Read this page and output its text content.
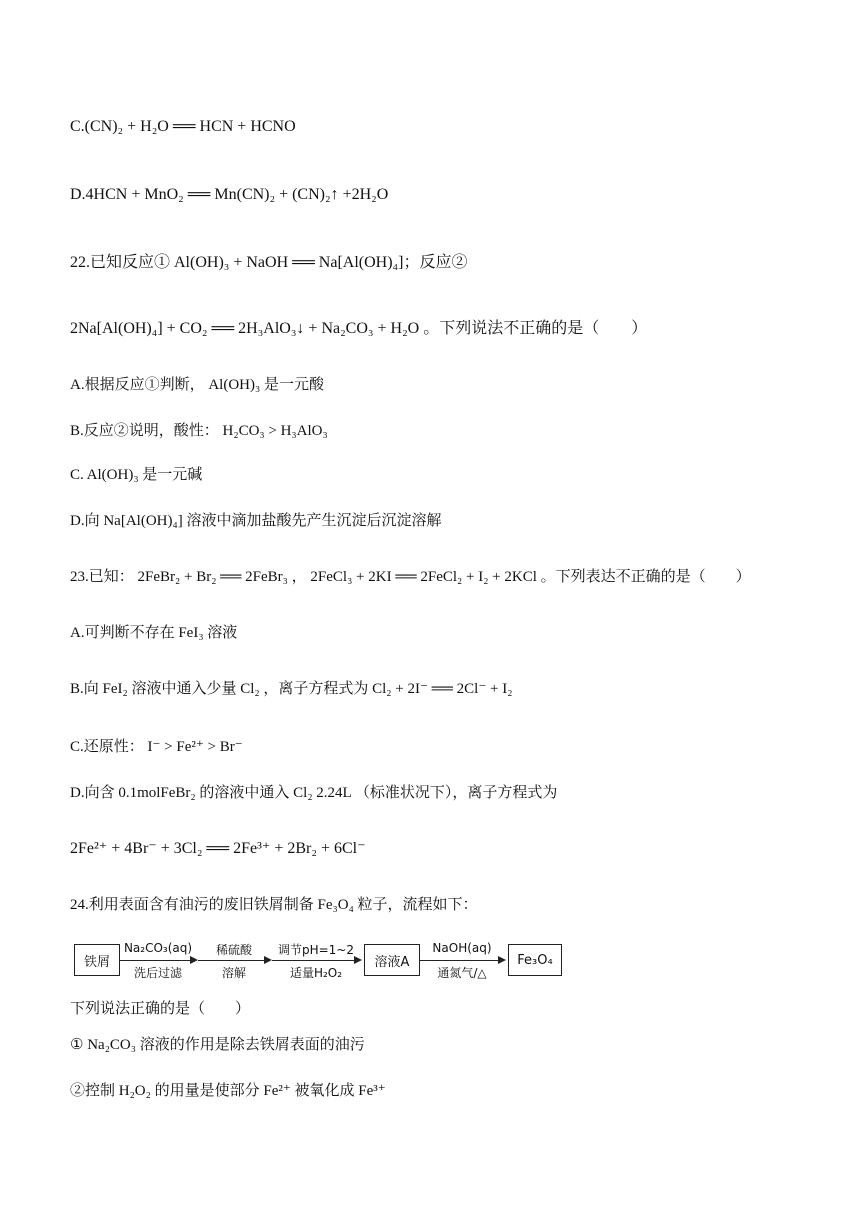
C.(CN)₂ + H₂O ══ HCN + HCNO
D.4HCN + MnO₂ ══ Mn(CN)₂ + (CN)₂↑ +2H₂O
22.已知反应① Al(OH)₃ + NaOH ══ Na[Al(OH)₄]；反应②
2Na[Al(OH)₄] + CO₂ ══ 2H₃AlO₃↓ + Na₂CO₃ + H₂O 。下列说法不正确的是（　　）
A.根据反应①判断， Al(OH)₃ 是一元酸
B.反应②说明，酸性： H₂CO₃ > H₃AlO₃
C. Al(OH)₃ 是一元碱
D.向 Na[Al(OH)₄] 溶液中滴加盐酸先产生沉淀后沉淀溶解
23.已知： 2FeBr₂ + Br₂ ══ 2FeBr₃ ， 2FeCl₃ + 2KI ══ 2FeCl₂ + I₂ + 2KCl 。下列表达不正确的是（　　）
A.可判断不存在 FeI₃ 溶液
B.向 FeI₂ 溶液中通入少量 Cl₂ ，离子方程式为 Cl₂ + 2I⁻ ══ 2Cl⁻ + I₂
C.还原性： I⁻ > Fe²⁺ > Br⁻
D.向含 0.1molFeBr₂ 的溶液中通入 Cl₂ 2.24L （标准状况下），离子方程式为
2Fe²⁺ + 4Br⁻ + 3Cl₂ ══ 2Fe³⁺ + 2Br₂ + 6Cl⁻
24.利用表面含有油污的废旧铁屑制备 Fe₃O₄ 粒子，流程如下：
铁屑
Na₂CO₃(aq)
洗后过滤
稀硫酸
溶解
调节pH=1~2
适量H₂O₂
溶液A
NaOH(aq)
通氮气/△
Fe₃O₄
下列说法正确的是（　　）
① Na₂CO₃ 溶液的作用是除去铁屑表面的油污
②控制 H₂O₂ 的用量是使部分 Fe²⁺ 被氧化成 Fe³⁺
